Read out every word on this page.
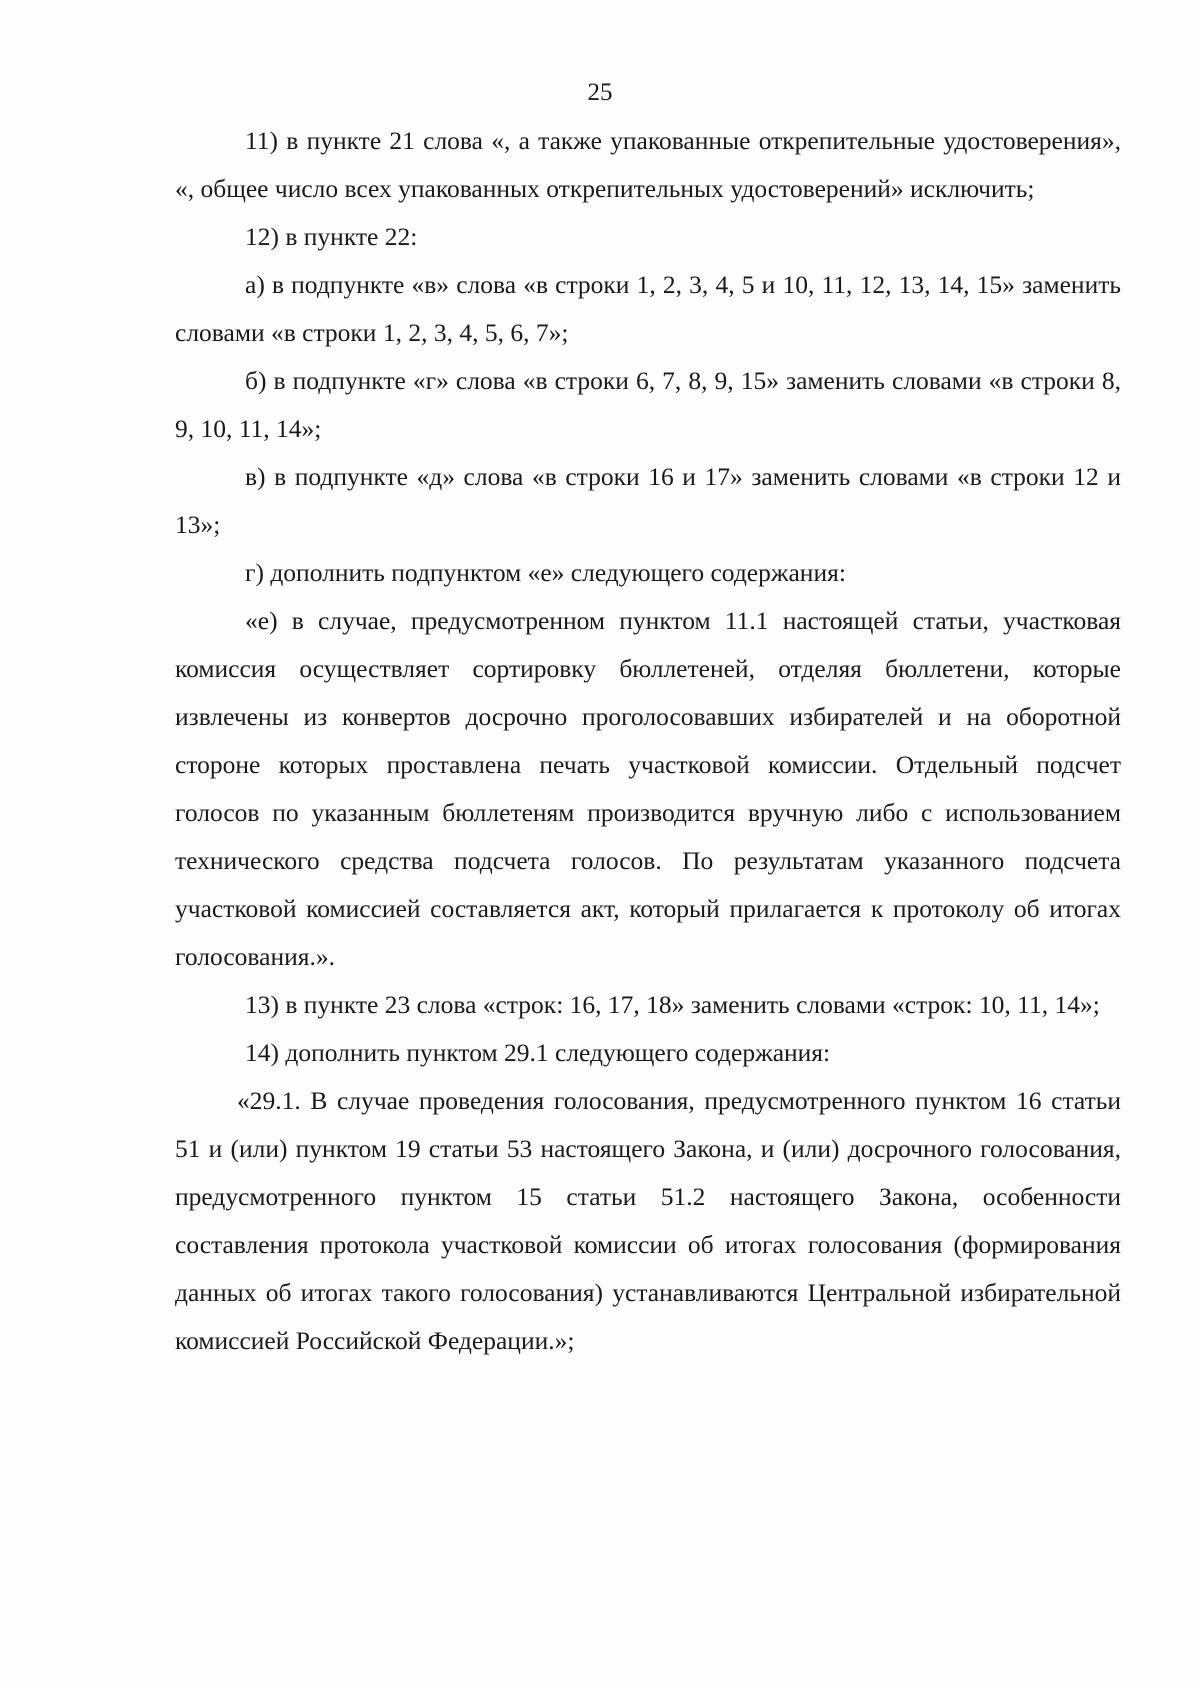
25

11) в пункте 21 слова «, а также упакованные открепительные удостоверения», «, общее число всех упакованных открепительных удостоверений» исключить;

12) в пункте 22:

а) в подпункте «в» слова «в строки 1, 2, 3, 4, 5 и 10, 11, 12, 13, 14, 15» заменить словами «в строки 1, 2, 3, 4, 5, 6, 7»;

б) в подпункте «г» слова «в строки 6, 7, 8, 9, 15» заменить словами «в строки 8, 9, 10, 11, 14»;

в) в подпункте «д» слова «в строки 16 и 17» заменить словами «в строки 12 и 13»;

г) дополнить подпунктом «е» следующего содержания:

«е) в случае, предусмотренном пунктом 11.1 настоящей статьи, участковая комиссия осуществляет сортировку бюллетеней, отделяя бюллетени, которые извлечены из конвертов досрочно проголосовавших избирателей и на оборотной стороне которых проставлена печать участковой комиссии. Отдельный подсчет голосов по указанным бюллетеням производится вручную либо с использованием технического средства подсчета голосов. По результатам указанного подсчета участковой комиссией составляется акт, который прилагается к протоколу об итогах голосования.».

13) в пункте 23 слова «строк: 16, 17, 18» заменить словами «строк: 10, 11, 14»;

14) дополнить пунктом 29.1 следующего содержания:

«29.1. В случае проведения голосования, предусмотренного пунктом 16 статьи 51 и (или) пунктом 19 статьи 53 настоящего Закона, и (или) досрочного голосования, предусмотренного пунктом 15 статьи 51.2 настоящего Закона, особенности составления протокола участковой комиссии об итогах голосования (формирования данных об итогах такого голосования) устанавливаются Центральной избирательной комиссией Российской Федерации.»;
